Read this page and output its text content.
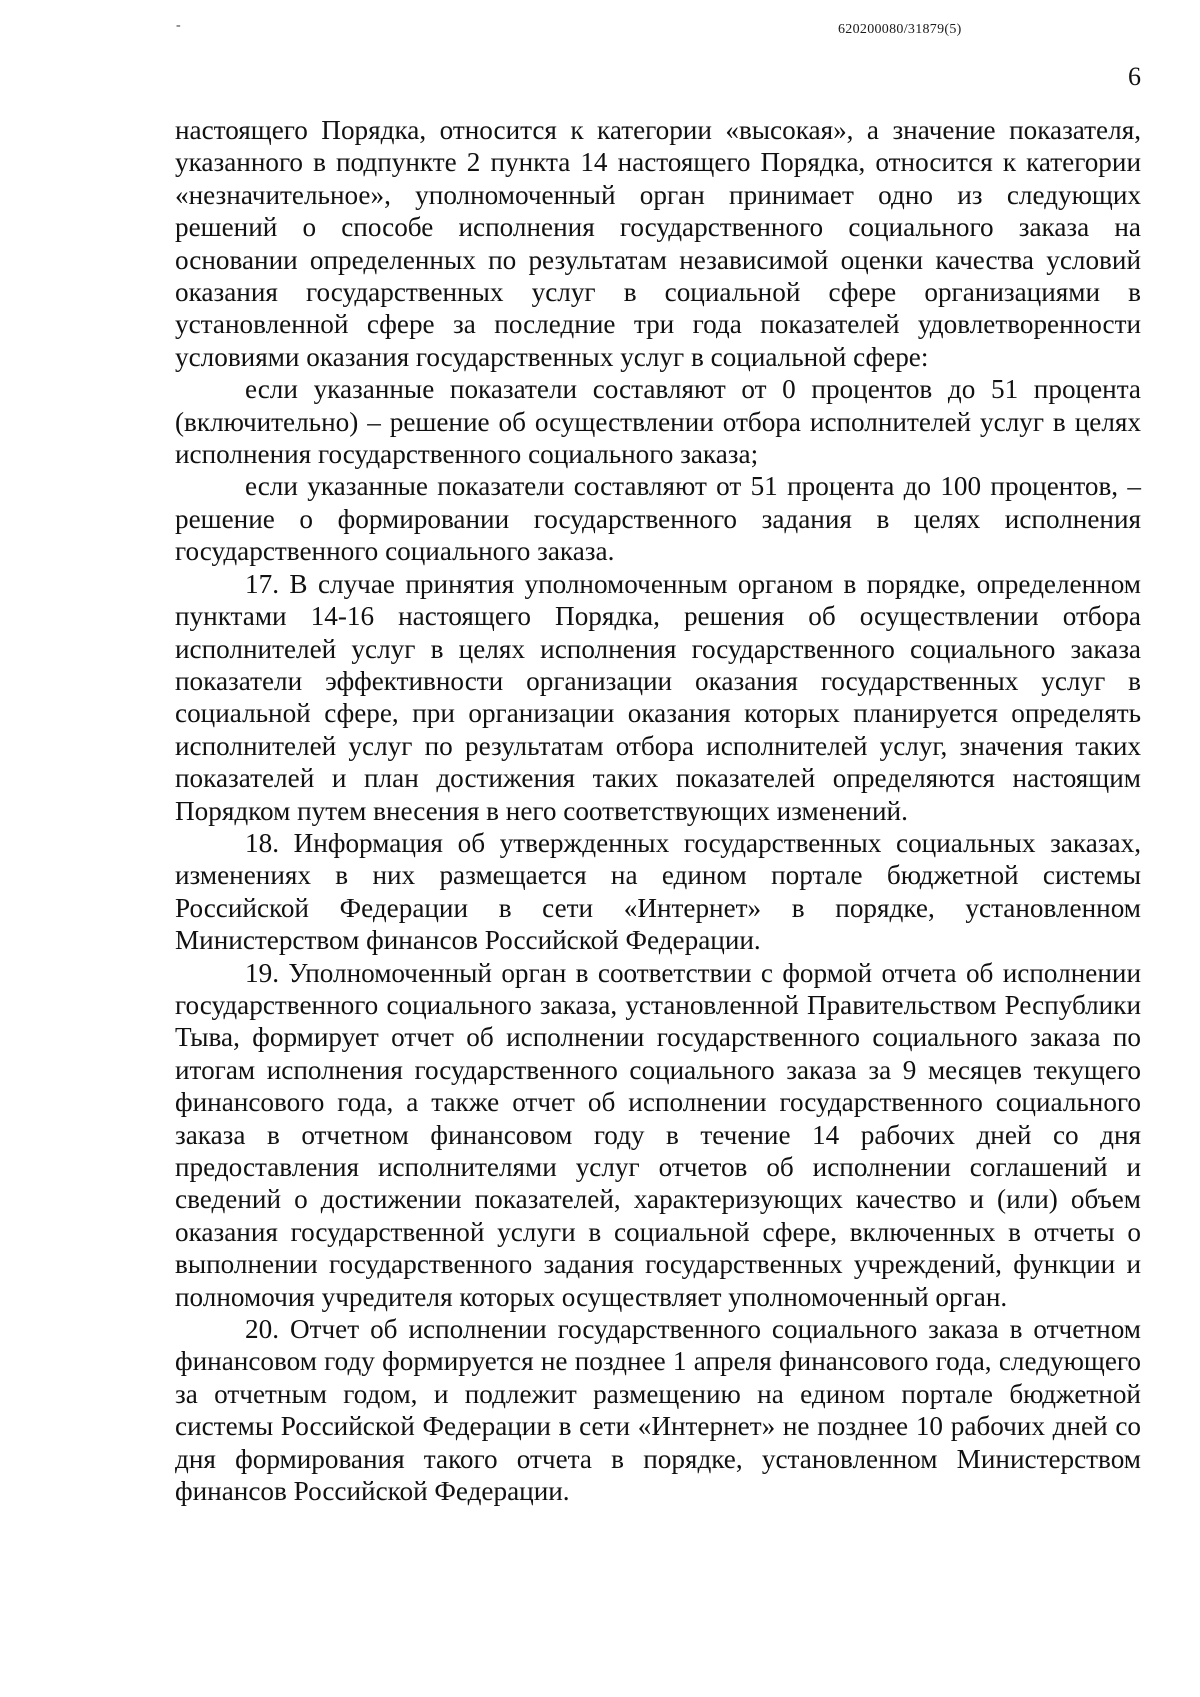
-	620200080/31879(5)
6

настоящего Порядка, относится к категории «высокая», а значение показателя, указанного в подпункте 2 пункта 14 настоящего Порядка, относится к категории «незначительное», уполномоченный орган принимает одно из следующих решений о способе исполнения государственного социального заказа на основании определенных по результатам независимой оценки качества условий оказания государственных услуг в социальной сфере организациями в установленной сфере за последние три года показателей удовлетворенности условиями оказания государственных услуг в социальной сфере:

если указанные показатели составляют от 0 процентов до 51 процента (включительно) – решение об осуществлении отбора исполнителей услуг в целях исполнения государственного социального заказа;

если указанные показатели составляют от 51 процента до 100 процентов, – решение о формировании государственного задания в целях исполнения государственного социального заказа.

17. В случае принятия уполномоченным органом в порядке, определенном пунктами 14-16 настоящего Порядка, решения об осуществлении отбора исполнителей услуг в целях исполнения государственного социального заказа показатели эффективности организации оказания государственных услуг в социальной сфере, при организации оказания которых планируется определять исполнителей услуг по результатам отбора исполнителей услуг, значения таких показателей и план достижения таких показателей определяются настоящим Порядком путем внесения в него соответствующих изменений.

18. Информация об утвержденных государственных социальных заказах, изменениях в них размещается на едином портале бюджетной системы Российской Федерации в сети «Интернет» в порядке, установленном Министерством финансов Российской Федерации.

19. Уполномоченный орган в соответствии с формой отчета об исполнении государственного социального заказа, установленной Правительством Республики Тыва, формирует отчет об исполнении государственного социального заказа по итогам исполнения государственного социального заказа за 9 месяцев текущего финансового года, а также отчет об исполнении государственного социального заказа в отчетном финансовом году в течение 14 рабочих дней со дня предоставления исполнителями услуг отчетов об исполнении соглашений и сведений о достижении показателей, характеризующих качество и (или) объем оказания государственной услуги в социальной сфере, включенных в отчеты о выполнении государственного задания государственных учреждений, функции и полномочия учредителя которых осуществляет уполномоченный орган.

20. Отчет об исполнении государственного социального заказа в отчетном финансовом году формируется не позднее 1 апреля финансового года, следующего за отчетным годом, и подлежит размещению на едином портале бюджетной системы Российской Федерации в сети «Интернет» не позднее 10 рабочих дней со дня формирования такого отчета в порядке, установленном Министерством финансов Российской Федерации.
